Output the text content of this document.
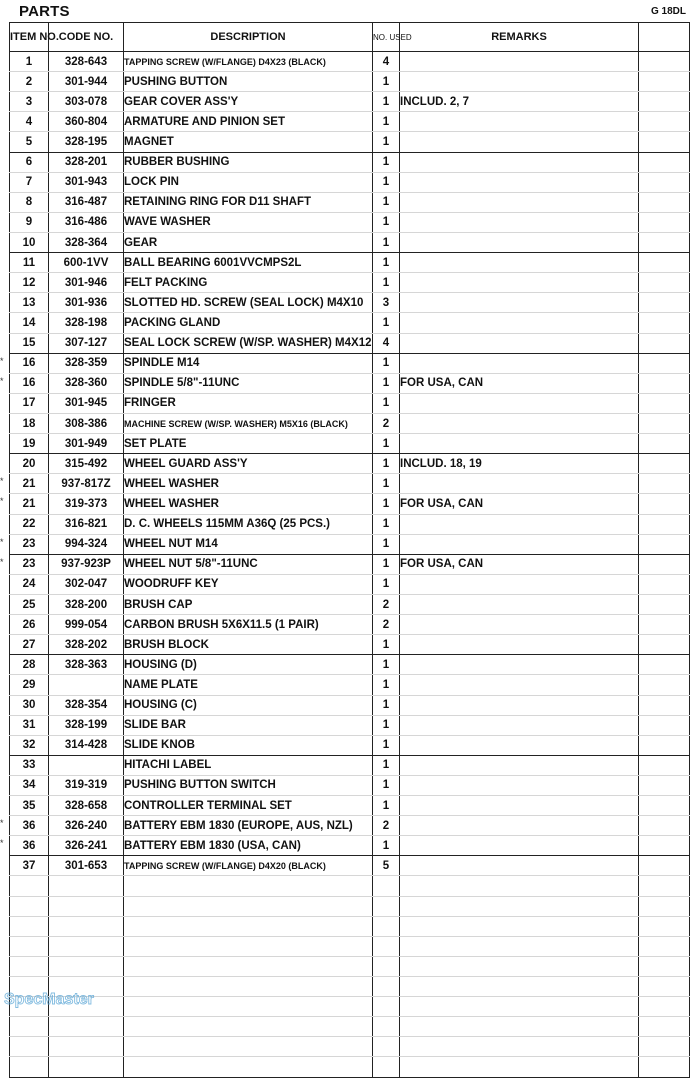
PARTS	G 18DL
ITEM NO.	CODE NO.	DESCRIPTION	NO. USED	REMARKS	
1	328-643	TAPPING SCREW (W/FLANGE) D4X23 (BLACK)	4		
2	301-944	PUSHING BUTTON	1		
3	303-078	GEAR COVER ASS'Y	1	INCLUD. 2, 7	
4	360-804	ARMATURE AND PINION SET	1		
5	328-195	MAGNET	1		
6	328-201	RUBBER BUSHING	1		
7	301-943	LOCK PIN	1		
8	316-487	RETAINING RING FOR D11 SHAFT	1		
9	316-486	WAVE WASHER	1		
10	328-364	GEAR	1		
11	600-1VV	BALL BEARING 6001VVCMPS2L	1		
12	301-946	FELT PACKING	1		
13	301-936	SLOTTED HD. SCREW (SEAL LOCK) M4X10	3		
14	328-198	PACKING GLAND	1		
15	307-127	SEAL LOCK SCREW (W/SP. WASHER) M4X12	4		

* 16	328-359	SPINDLE M14	1		

* 16	328-360	SPINDLE 5/8"-11UNC	1	FOR USA, CAN	
17	301-945	FRINGER	1		
18	308-386	MACHINE SCREW (W/SP. WASHER) M5X16 (BLACK)	2		
19	301-949	SET PLATE	1		
20	315-492	WHEEL GUARD ASS'Y	1	INCLUD. 18, 19	

* 21	937-817Z	WHEEL WASHER	1		

* 21	319-373	WHEEL WASHER	1	FOR USA, CAN	
22	316-821	D. C. WHEELS 115MM A36Q (25 PCS.)	1		

* 23	994-324	WHEEL NUT M14	1		

* 23	937-923P	WHEEL NUT 5/8"-11UNC	1	FOR USA, CAN	
24	302-047	WOODRUFF KEY	1		
25	328-200	BRUSH CAP	2		
26	999-054	CARBON BRUSH 5X6X11.5 (1 PAIR)	2		
27	328-202	BRUSH BLOCK	1		
28	328-363	HOUSING (D)	1		
29		NAME PLATE	1		
30	328-354	HOUSING (C)	1		
31	328-199	SLIDE BAR	1		
32	314-428	SLIDE KNOB	1		
33		HITACHI LABEL	1		
34	319-319	PUSHING BUTTON SWITCH	1		
35	328-658	CONTROLLER TERMINAL SET	1		

* 36	326-240	BATTERY EBM 1830 (EUROPE, AUS, NZL)	2		

* 36	326-241	BATTERY EBM 1830 (USA, CAN)	1		
37	301-653	TAPPING SCREW (W/FLANGE) D4X20 (BLACK)	5		

SpecMaster
